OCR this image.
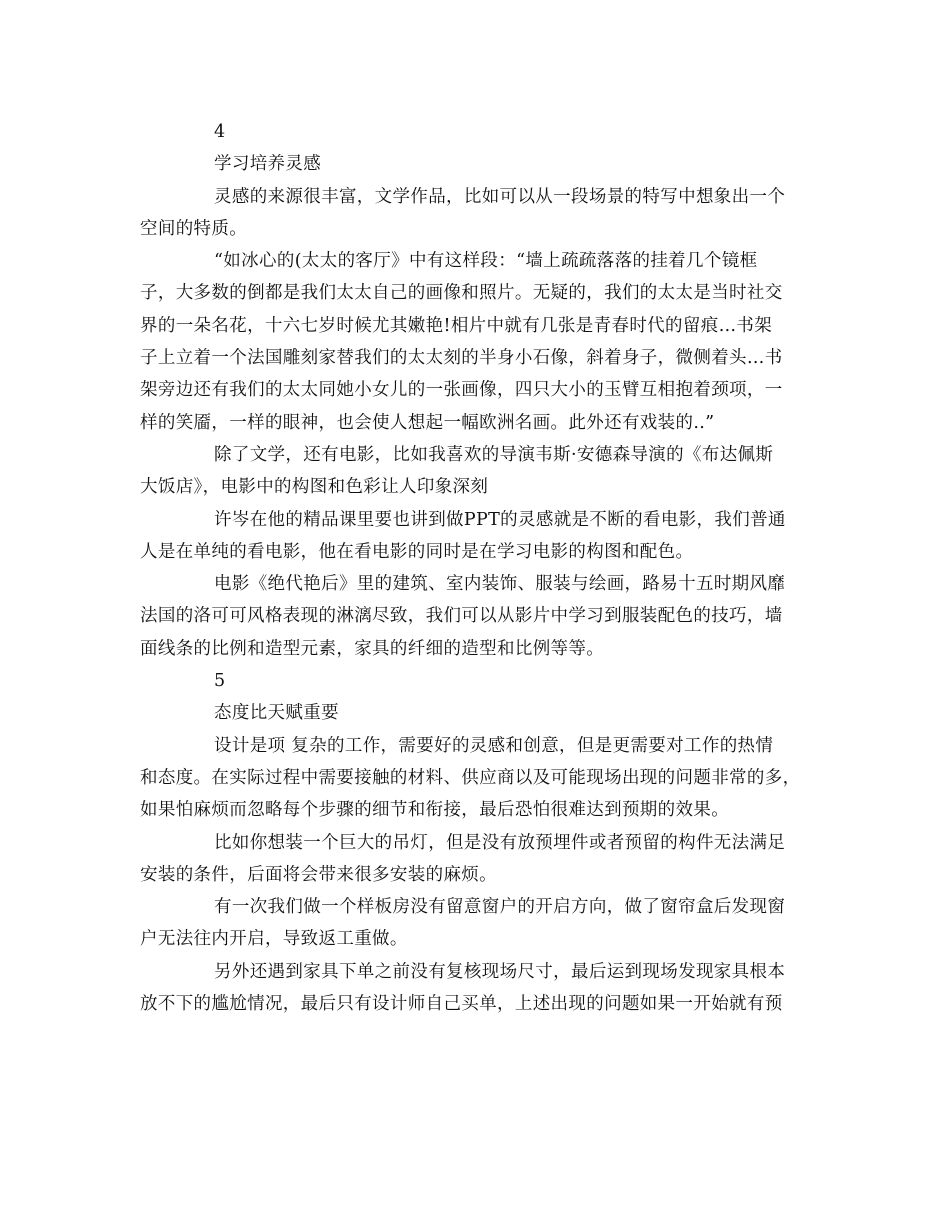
4
学习培养灵感
灵感的来源很丰富，文学作品，比如可以从一段场景的特写中想象出一个
空间的特质。
“如冰心的(太太的客厅》中有这样段：“墙上疏疏落落的挂着几个镜框
子，大多数的倒都是我们太太自己的画像和照片。无疑的，我们的太太是当时社交
界的一朵名花，十六七岁时候尤其嫩艳!相片中就有几张是青春时代的留痕…书架
子上立着一个法国雕刻家替我们的太太刻的半身小石像，斜着身子，微侧着头…书
架旁边还有我们的太太同她小女儿的一张画像，四只大小的玉臂互相抱着颈项，一
样的笑靥，一样的眼神，也会使人想起一幅欧洲名画。此外还有戏装的..”
除了文学，还有电影，比如我喜欢的导演韦斯·安德森导演的《布达佩斯
大饭店》，电影中的构图和色彩让人印象深刻
许岑在他的精品课里要也讲到做PPT的灵感就是不断的看电影，我们普通
人是在单纯的看电影，他在看电影的同时是在学习电影的构图和配色。
电影《绝代艳后》里的建筑、室内装饰、服装与绘画，路易十五时期风靡
法国的洛可可风格表现的淋漓尽致，我们可以从影片中学习到服装配色的技巧，墙
面线条的比例和造型元素，家具的纤细的造型和比例等等。
5
态度比天赋重要
设计是项 复杂的工作，需要好的灵感和创意，但是更需要对工作的热情
和态度。在实际过程中需要接触的材料、供应商以及可能现场出现的问题非常的多，
如果怕麻烦而忽略每个步骤的细节和衔接，最后恐怕很难达到预期的效果。
比如你想装一个巨大的吊灯，但是没有放预埋件或者预留的构件无法满足
安装的条件，后面将会带来很多安装的麻烦。
有一次我们做一个样板房没有留意窗户的开启方向，做了窗帘盒后发现窗
户无法往内开启，导致返工重做。
另外还遇到家具下单之前没有复核现场尺寸，最后运到现场发现家具根本
放不下的尴尬情况，最后只有设计师自己买单，上述出现的问题如果一开始就有预
